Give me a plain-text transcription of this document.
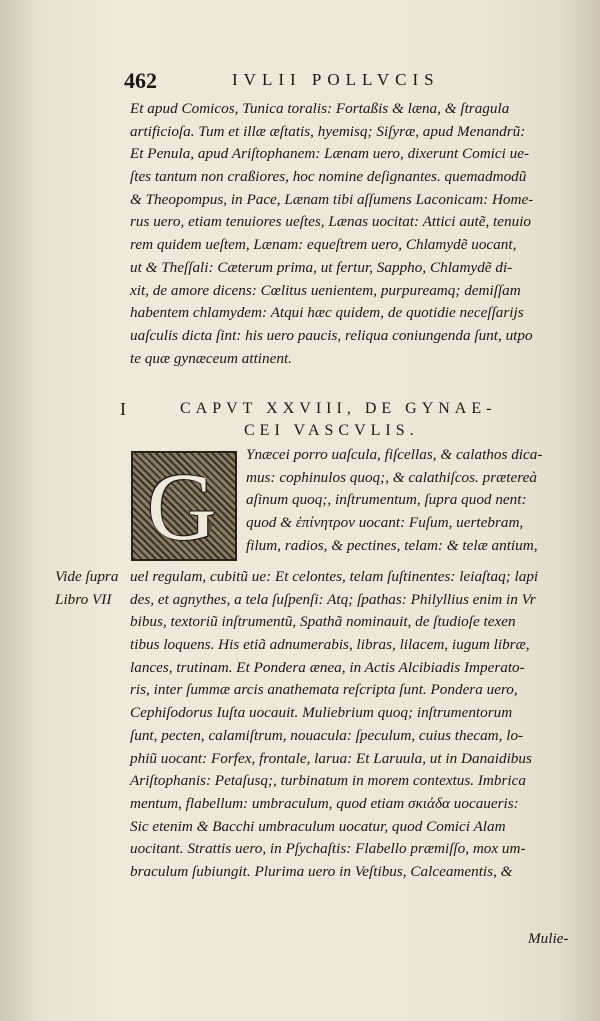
462	IVLII POLLVCIS
Et apud Comicos, Tunica toralis: Fortaßis & læna, & ſtragula
artificioſa. Tum et illæ æſtatis, hyemisq; Siſyræ, apud Menandrũ:
Et Penula, apud Ariſtophanem: Lænam uero, dixerunt Comici ue-
ſtes tantum non craßiores, hoc nomine deſignantes. quemadmodũ
& Theopompus, in Pace, Lænam tibi aſſumens Laconicam: Home-
rus uero, etiam tenuiores ueſtes, Lænas uocitat: Attici autẽ, tenuio
rem quidem ueſtem, Lænam: equeſtrem uero, Chlamydẽ uocant,
ut & Theſſali: Cæterum prima, ut fertur, Sappho, Chlamydẽ di-
xit, de amore dicens: Cœlitus uenientem, purpureamq; demiſſam
habentem chlamydem: Atqui hæc quidem, de quotidie neceſſarijs
uaſculis dicta ſint: his uero paucis, reliqua coniungenda ſunt, utpo
te quæ gynæceum attinent.
I	CAPVT XXVIII, DE GYNAE-
CEI VASCVLIS.
G Ynæcei porro uaſcula, fiſcellas, & calathos dica-
mus: cophinulos quoq;, & calathiſcos. prætereà
aſinum quoq;, inſtrumentum, ſupra quod nent:
quod & ἐπίνητρον uocant: Fuſum, uertebram,
filum, radios, & pectines, telam: & telæ antium,
Vide ſupra
Libro VII
uel regulam, cubitũ ue: Et celontes, telam ſuſtinentes: leiaſtaq; lapi
des, et agnythes, a tela ſuſpenſi: Atq; ſpathas: Philyllius enim in Vr
bibus, textoriũ inſtrumentũ, Spathã nominauit, de ſtudioſe texen
tibus loquens. His etiã adnumerabis, libras, lilacem, iugum libræ,
lances, trutinam. Et Pondera ænea, in Actis Alcibiadis Imperato-
ris, inter ſummæ arcis anathemata reſcripta ſunt. Pondera uero,
Cephiſodorus Iuſta uocauit. Muliebrium quoq; inſtrumentorum
ſunt, pecten, calamiſtrum, nouacula: ſpeculum, cuius thecam, lo-
phiũ uocant: Forfex, frontale, larua: Et Laruula, ut in Danaidibus
Ariſtophanis: Petaſusq;, turbinatum in morem contextus. Imbrica
mentum, flabellum: umbraculum, quod etiam σκιάδα uocaueris:
Sic etenim & Bacchi umbraculum uocatur, quod Comici Alam
uocitant. Strattis uero, in Pſychaſtis: Flabello præmiſſo, mox um-
braculum ſubiungit. Plurima uero in Veſtibus, Calceamentis, &
Mulie-
